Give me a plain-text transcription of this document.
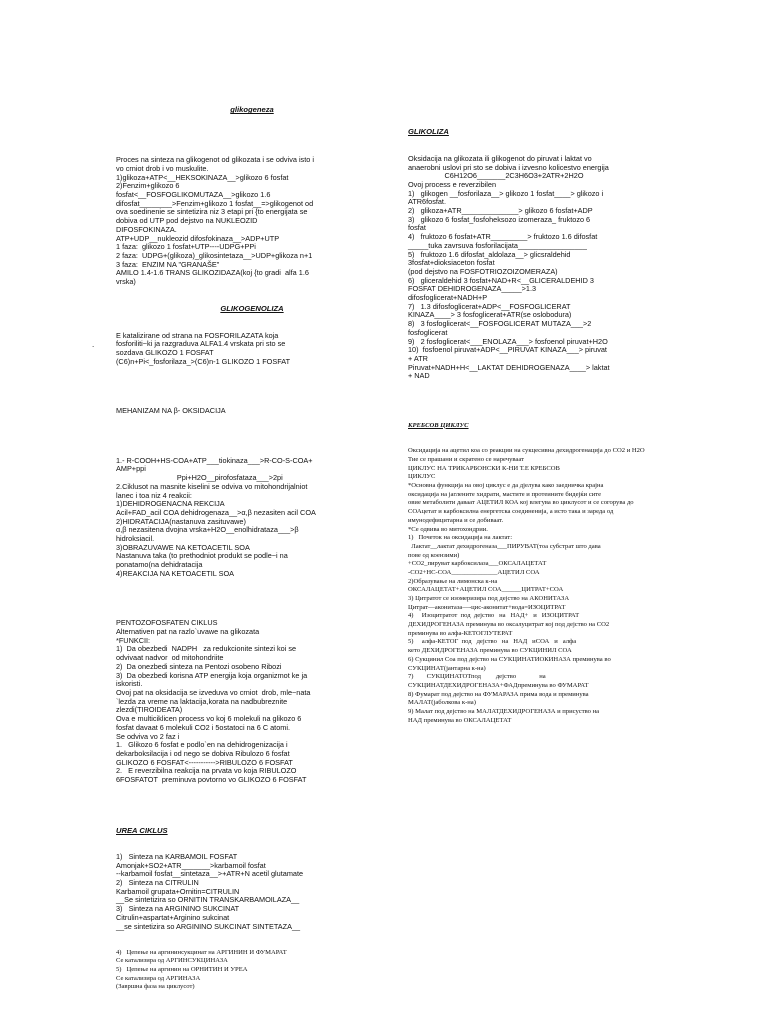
glikogeneza

Proces na sinteza na glikogenot od glikozata i se odviva isto i
vo crniot drob i vo muskulite.
1)glikoza+ATP<__HEKSOKINAZA__>glikozo 6 fosfat
2)Fenzim+glikozo 6
fosfat<__FOSFOGLIKOMUTAZA__>glikozo 1.6
difosfat________>Fenzim+glikozo 1 fosfat__=>glikogenot od
ova soedinenie se sintetizira niz 3 etapi pri {to energijata se
dobiva od UTP pod dejstvo na NUKLEOZID
DIFOSFOKINAZA.
ATP+UDP__nukleozid difosfokinaza__>ADP+UTP
1 faza:  glikozo 1 fosfat+UTP----UDPG+PPi
2 faza:  UDPG+(glikoza)_glikosintetaza__>UDP+glikoza n+1
3 faza:  ENZIM NA "GRANAŠE"
AMILO 1.4-1.6 TRANS GLIKOZIDAZA(koj {to gradi  alfa 1.6
vrska)

GLIKOGENOLIZA

E katalizirane od strana na FOSFORILAZATA koja
fosforiliti~ki ja razgraduva ALFA1.4 vrskata pri sto se
sozdava GLIKOZO 1 FOSFAT
(C6)n+Pi<_fosforilaza_>(C6)n-1 GLIKOZO 1 FOSFAT

MEHANIZAM NA β- OKSIDACIJA

1.- R-COOH+HS-COA+ATP___tiokinaza___>R-CO-S-COA+
AMP+ppi
Ppi+H2O__pirofosfataza___>2pi
2.Ciklusot na masnite kiselini se odviva vo mitohondrijalniot
lanec i toa niz 4 reakcii:
1)DEHIDROGENACNA REKCIJA
Acil+FAD_acil COA dehidrogenaza__>α,β nezasiten acil COA
2)HIDRATACIJA(nastanuva zasituvawe)
α,β nezasitena dvojna vrska+H2O__enolhidrataza___>β
hidroksiacil.
3)OBRAZUVAWE NA KETOACETIL SOA
Nastanuva taka (to prethodniot produkt se podle~i na
ponatamo(na dehidratacija
4)REAKCIJA NA KETOACETIL SOA

PENTOZOFOSFATEN CIKLUS
Alternativen pat na razlo`uvawe na glikozata
*FUNKCII:
1)  Da obezbedi  NADPH   za redukcionite sintezi koi se
odvivaat nadvor  od mitohondriite
2)  Da onezbedi sinteza na Pentozi osobeno Ribozi
3)  Da obezbedi korisna ATP energija koja organizmot ke ja
iskoristi.
Ovoj pat na oksidacija se izveduva vo crniot  drob, mle~nata
`lezda za vreme na laktacija,korata na nadbubreznite
zlezdi(TIROIDEATA)
Ova e multiciklicen process vo koj 6 molekuli na glikozo 6
fosfat davaat 6 molekuli CO2 i 5ostatoci na 6 C atomi.
Se odviva vo 2 faz i
1.   Glikozo 6 fosfat e podlo`en na dehidrogenizacija i
dekarboksilacija i od nego se dobiva Ribulozo 6 fosfat
GLIKOZO 6 FOSFAT<----------->RIBULOZO 6 FOSFAT
2.   E reverzibilna reakcija na prvata vo koja RIBULOZO
6FOSFATOT  preminuva povtorno vo GLIKOZO 6 FOSFAT

UREA CIKLUS

1)   Sinteza na KARBAMOIL FOSFAT
Amonjak+SO2+ATR_______>karbamoil fosfat
--karbamoil fosfat__sintetaza__>+ATR+N acetil glutamate
2)   Sinteza na CITRULIN
Karbamoil grupata+Ornitin=CITRULIN
__Se sintetizira so ORNITIN TRANSKARBAMOILAZA__
3)   Sinteza na ARGININO SUKCINAT
Citrulin+aspartat+Arginino sukcinat
__se sintetizira so ARGININO SUKCINAT SINTETAZA__

4)   Цепење на аргининсукцинат на АРГИНИН И ФУМАРАТ
Се катализира од АРГИНСУКЦИНАЗА
5)   Цепење на аргинин на ОРНИТИН И УРЕА
Се катализира од АРГИНАЗА
(Завршна фаза на циклусот)

GLIKOLIZA

Oksidacija na glikozata ili glikogenot do piruvat i laktat vo
anaerobni uslovi pri sto se dobiva i izvesno kolicestvo energija
C6H12O6_______2C3H6O3+2ATR+2H2O
Ovoj process e reverzibilen
1)   glikogen __fosforilaza__> glikozo 1 fosfat____> glikozo i
ATR6fosfat.
2)   glikoza+ATR______________> glikozo 6 fosfat+ADP
3)   glikozo 6 fosfat_fosfoheksozo izomeraza_ fruktozo 6
fosfat
4)   fruktozo 6 fosfat+ATR_________> fruktozo 1.6 difosfat
_____tuka zavrsuva fosforilacijata_________________
5)   fruktozo 1.6 difosfat_aldolaza__> glicsraldehid
3fosfat+dioksiaceton fosfat
(pod dejstvo na FOSFOTRIOZOIZOMERAZA)
6)   gliceraldehid 3 fosfat+NAD+R<__GLICERALDEHID 3
FOSFAT DEHIDROGENAZA_____>1.3
difosfoglicerat+NADH+P
7)   1.3 difosfoglicerat+ADP<__FOSFOGLICERAT
KINAZA____> 3 fosfoglicerat+ATR(se oslobodura)
8)   3 fosfoglicerat<__FOSFOGLICERAT MUTAZA___>2
fosfoglicerat
9)   2 fosfoglicerat<___ENOLAZA___> fosfoenol piruvat+H2O
10)  fosfoenol piruvat+ADP<__PIRUVAT KINAZA___> piruvat
+ ATR
Piruvat+NADH+H<__LAKTAT DEHIDROGENAZA____> laktat
+ NAD

КРЕБСОВ ЦИКЛУС

Оксидација на ацетил коа со реакции на сукцесивна дехидрогенација до СО2 и Н2О
Тие се прашани и скратено се наречуваат
ЦИКЛУС НА ТРИКАРБОНСКИ К-НИ Т.Е КРЕБСОВ
ЦИКЛУС
*Основна функција на овој циклус е да дјелува како заедничка крајна
оксидација на јаглените хидрати, мастите и протеините бидејќи сите
овие метаболити даваат АЦЕТИЛ КОА кој влегува во циклусот и се согорува до
СОАцетат и карбоксилна енергетска соединенија, а исто така и зареда од
имунодефицитарна и се добиваат.
*Се одвива во митохондрии.
1)   Почеток на оксидација на лактат:
Лактат__лактат дехидрогеназа___ПИРУВАТ(тоа субстрат што дава
пове од коензими)
+СО2_пируват карбоксилаза___ОКСАЛАЦЕТАТ
-СО2+НС-СОА______________АЦЕТИЛ СОА
2)Образување на лимонска к-на
ОКСАЛАЦЕТАТ+АЦЕТИЛ СОА______ЦИТРАТ+СОА
3) Цитратот се изомеризира под дејство на АКОНИТАЗА
Цитрат—аконитаза—-цис-аконитат+вода=ИЗОЦИТРАТ
4)     Изоцитратот  под  дејство   на   НАД+   и   ИЗОЦИТРАТ
ДЕХИДРОГЕНАЗА преминува во оксалуцитрат кој под дејство на СО2
преминува во алфа-КЕТОГЛУТЕРАТ
5)     алфа-КЕТОГ  под   дејство   на   НАД   иСОА   и   алфа
кето ДЕХИДРОГЕНАЗА преминува во СУКЦИНИЛ СОА
6) Сукцинил Соа под дејство на СУКЦИНАТИОКИНАЗА преминува во
СУКЦИНАТ(јантарна к-на)
7)        СУКЦИНАТОТпод         дејство              на
СУКЦИНАТДЕХИДРОГЕНАЗА+ФАДпреминува во ФУМАРАТ
8) Фумарат под дејство на ФУМАРАЗА прима вода и преминува
МАЛАТ(јаболкова к-на)
9) Малат под дејство на МАЛАТДЕХИДРОГЕНАЗА и присуство на
НАД преминува во ОКСАЛАЦЕТАТ

.
